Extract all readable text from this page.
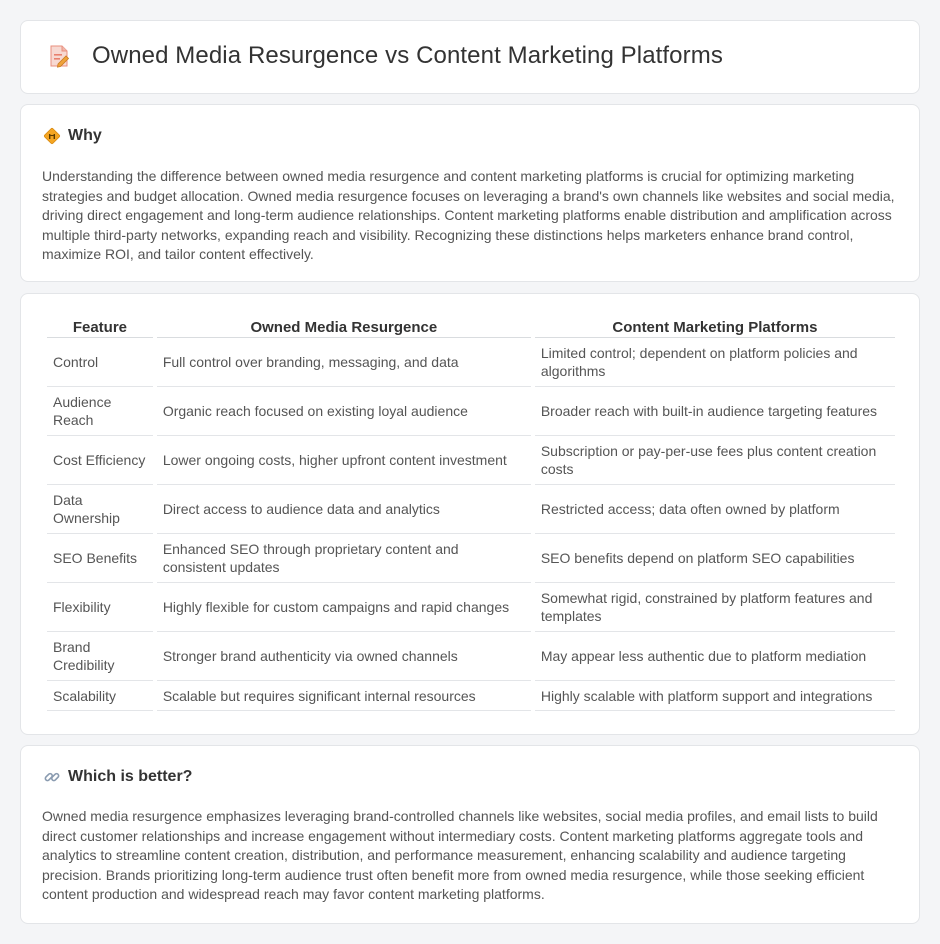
Owned Media Resurgence vs Content Marketing Platforms
Why

Understanding the difference between owned media resurgence and content marketing platforms is crucial for optimizing marketing strategies and budget allocation. Owned media resurgence focuses on leveraging a brand's own channels like websites and social media, driving direct engagement and long-term audience relationships. Content marketing platforms enable distribution and amplification across multiple third-party networks, expanding reach and visibility. Recognizing these distinctions helps marketers enhance brand control, maximize ROI, and tailor content effectively.

Feature	Owned Media Resurgence	Content Marketing Platforms
Control	Full control over branding, messaging, and data	Limited control; dependent on platform policies and algorithms
Audience Reach	Organic reach focused on existing loyal audience	Broader reach with built-in audience targeting features
Cost Efficiency	Lower ongoing costs, higher upfront content investment	Subscription or pay-per-use fees plus content creation costs
Data Ownership	Direct access to audience data and analytics	Restricted access; data often owned by platform
SEO Benefits	Enhanced SEO through proprietary content and consistent updates	SEO benefits depend on platform SEO capabilities
Flexibility	Highly flexible for custom campaigns and rapid changes	Somewhat rigid, constrained by platform features and templates
Brand Credibility	Stronger brand authenticity via owned channels	May appear less authentic due to platform mediation
Scalability	Scalable but requires significant internal resources	Highly scalable with platform support and integrations
Which is better?

Owned media resurgence emphasizes leveraging brand-controlled channels like websites, social media profiles, and email lists to build direct customer relationships and increase engagement without intermediary costs. Content marketing platforms aggregate tools and analytics to streamline content creation, distribution, and performance measurement, enhancing scalability and audience targeting precision. Brands prioritizing long-term audience trust often benefit more from owned media resurgence, while those seeking efficient content production and widespread reach may favor content marketing platforms.
